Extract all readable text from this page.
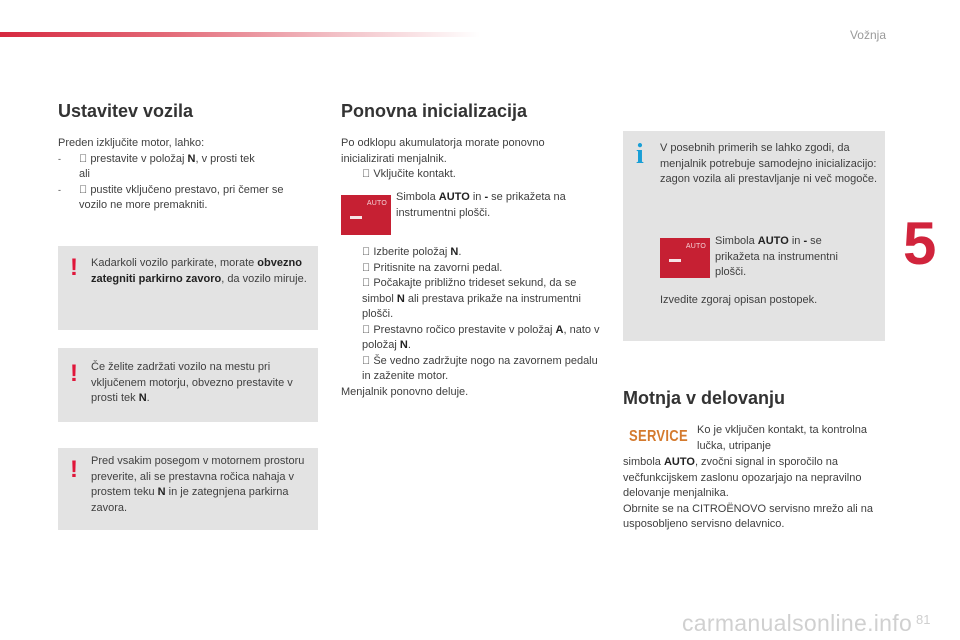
Vožnja
5
Ustavitev vozila
Preden izključite motor, lahko:

-	prestavite v položaj N, v prosti tek
ali

-	pustite vključeno prestavo, pri čemer se vozilo ne more premakniti.
! Kadarkoli vozilo parkirate, morate obvezno zategniti parkirno zavoro, da vozilo miruje.
! Če želite zadržati vozilo na mestu pri vključenem motorju, obvezno prestavite v prosti tek N.
! Pred vsakim posegom v motornem prostoru preverite, ali se prestavna ročica nahaja v prostem teku N in je zategnjena parkirna zavora.
Ponovna inicializacija
Po odklopu akumulatorja morate ponovno inicializirati menjalnik.

Vključite kontakt.
AUTO
Simbola AUTO in - se prikažeta na instrumentni plošči.

Izberite položaj N.

Pritisnite na zavorni pedal.

Počakajte približno trideset sekund, da se simbol N ali prestava prikaže na instrumentni plošči.

Prestavno ročico prestavite v položaj A, nato v položaj N.

Še vedno zadržujte nogo na zavornem pedalu in zaženite motor.
Menjalnik ponovno deluje.
i V posebnih primerih se lahko zgodi, da menjalnik potrebuje samodejno inicializacijo: zagon vozila ali prestavljanje ni več mogoče.
AUTO Simbola AUTO in - se prikažeta na instrumentni plošči.
Izvedite zgoraj opisan postopek.
Motnja v delovanju
SERVICE Ko je vključen kontakt, ta kontrolna lučka, utripanje
simbola AUTO, zvočni signal in sporočilo na večfunkcijskem zaslonu opozarjajo na nepravilno delovanje menjalnika.
Obrnite se na CITROËNOVO servisno mrežo ali na usposobljeno servisno delavnico.
carmanualsonline.info 81
